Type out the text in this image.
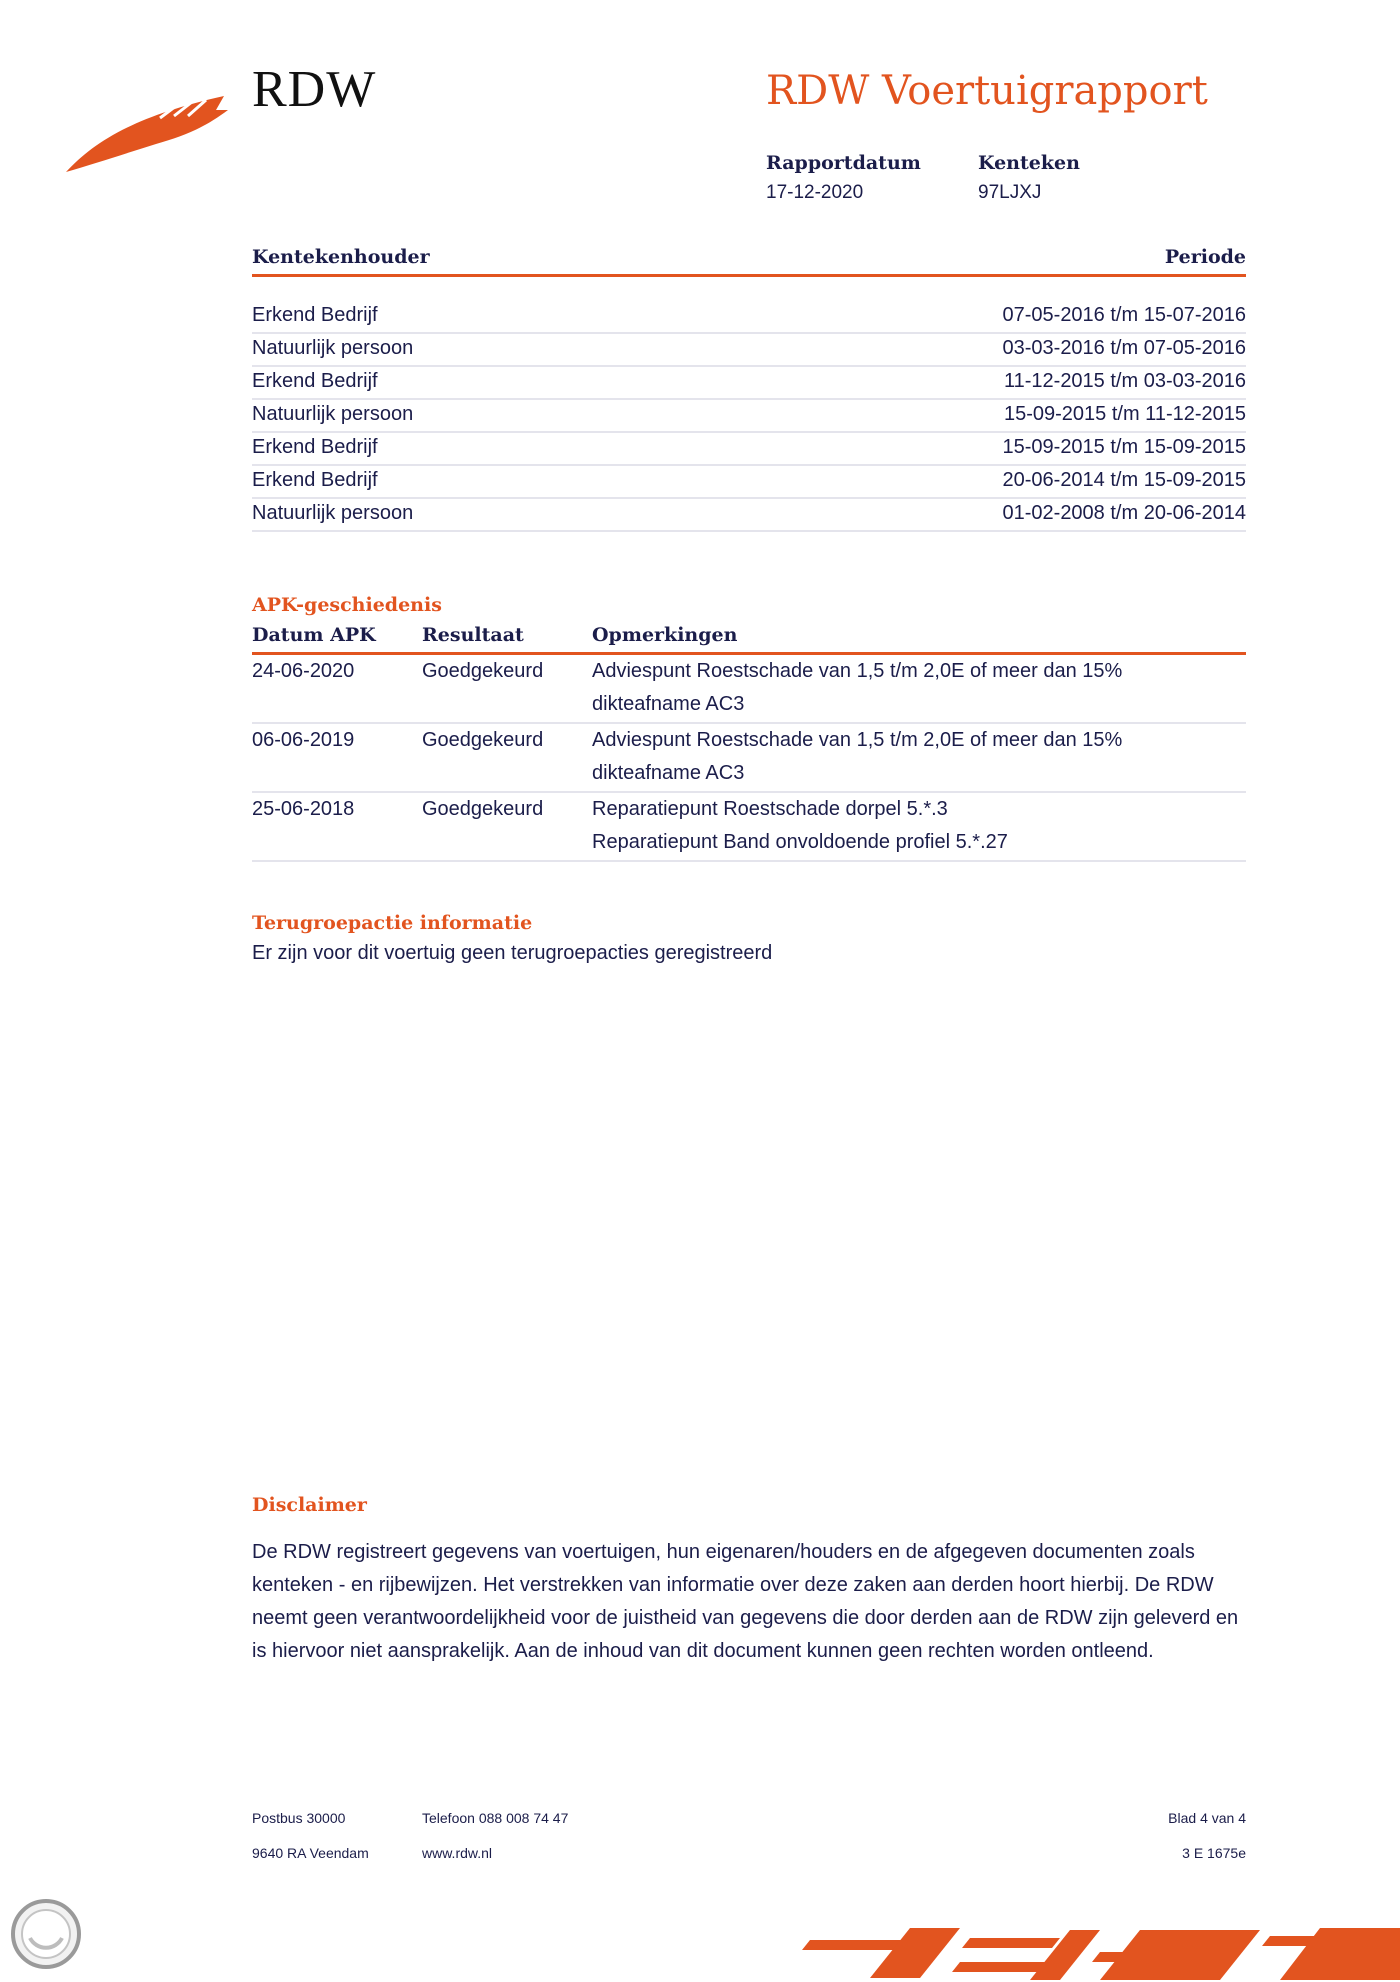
RDW	RDW Voertuigrapport
Rapportdatum
17-12-2020
Kenteken
97LJXJ
Kentekenhouder	Periode
Erkend Bedrijf	07-05-2016 t/m 15-07-2016
Natuurlijk persoon	03-03-2016 t/m 07-05-2016
Erkend Bedrijf	11-12-2015 t/m 03-03-2016
Natuurlijk persoon	15-09-2015 t/m 11-12-2015
Erkend Bedrijf	15-09-2015 t/m 15-09-2015
Erkend Bedrijf	20-06-2014 t/m 15-09-2015
Natuurlijk persoon	01-02-2008 t/m 20-06-2014
APK-geschiedenis
Datum APK	Resultaat	Opmerkingen
24-06-2020	Goedgekeurd	Adviespunt Roestschade van 1,5 t/m 2,0E of meer dan 15%
dikteafname AC3
06-06-2019	Goedgekeurd	Adviespunt Roestschade van 1,5 t/m 2,0E of meer dan 15%
dikteafname AC3
25-06-2018	Goedgekeurd	Reparatiepunt Roestschade dorpel 5.*.3
Reparatiepunt Band onvoldoende profiel 5.*.27
Terugroepactie informatie
Er zijn voor dit voertuig geen terugroepacties geregistreerd
Disclaimer
De RDW registreert gegevens van voertuigen, hun eigenaren/houders en de afgegeven documenten zoals kenteken - en rijbewijzen. Het verstrekken van informatie over deze zaken aan derden hoort hierbij. De RDW neemt geen verantwoordelijkheid voor de juistheid van gegevens die door derden aan de RDW zijn geleverd en is hiervoor niet aansprakelijk. Aan de inhoud van dit document kunnen geen rechten worden ontleend.
Postbus 30000	Telefoon 088 008 74 47	Blad 4 van 4
9640 RA Veendam	www.rdw.nl	3 E 1675e
